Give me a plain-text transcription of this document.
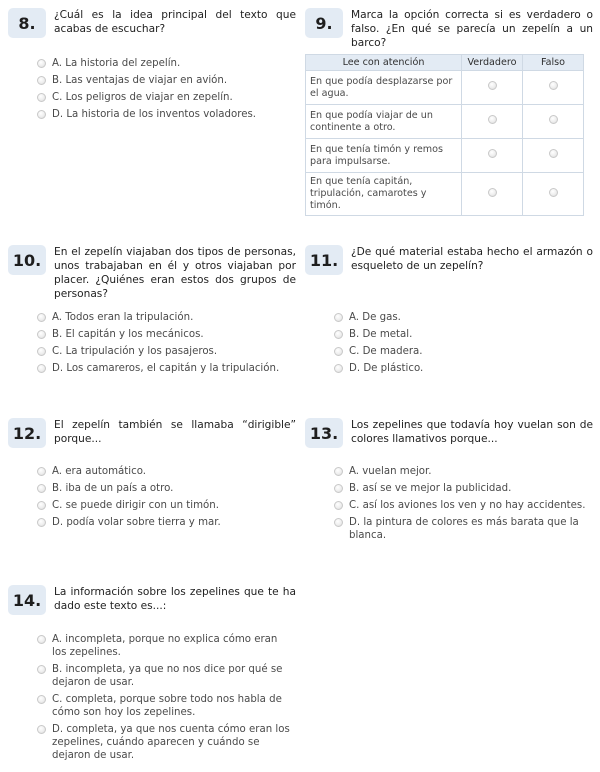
8.	¿Cuál es la idea principal del texto que acabas de escuchar?
A. La historia del zepelín.
B. Las ventajas de viajar en avión.
C. Los peligros de viajar en zepelín.
D. La historia de los inventos voladores.
9.	Marca la opción correcta si es verdadero o falso. ¿En qué se parecía un zepelín a un barco?
Lee con atención	Verdadero	Falso
En que podía desplazarse por el agua.		
En que podía viajar de un continente a otro.		
En que tenía timón y remos para impulsarse.		
En que tenía capitán, tripulación, camarotes y timón.		
10.	En el zepelín viajaban dos tipos de personas, unos trabajaban en él y otros viajaban por placer. ¿Quiénes eran estos dos grupos de personas?
A. Todos eran la tripulación.
B. El capitán y los mecánicos.
C. La tripulación y los pasajeros.
D. Los camareros, el capitán y la tripulación.
11.	¿De qué material estaba hecho el armazón o esqueleto de un zepelín?
A. De gas.
B. De metal.
C. De madera.
D. De plástico.
12.	El zepelín también se llamaba “dirigible” porque...
A. era automático.
B. iba de un país a otro.
C. se puede dirigir con un timón.
D. podía volar sobre tierra y mar.
13.	Los zepelines que todavía hoy vuelan son de colores llamativos porque...
A. vuelan mejor.
B. así se ve mejor la publicidad.
C. así los aviones los ven y no hay accidentes.
D. la pintura de colores es más barata que la blanca.
14.	La información sobre los zepelines que te ha dado este texto es...:
A. incompleta, porque no explica cómo eran los zepelines.
B. incompleta, ya que no nos dice por qué se dejaron de usar.
C. completa, porque sobre todo nos habla de cómo son hoy los zepelines.
D. completa, ya que nos cuenta cómo eran los zepelines, cuándo aparecen y cuándo se dejaron de usar.
